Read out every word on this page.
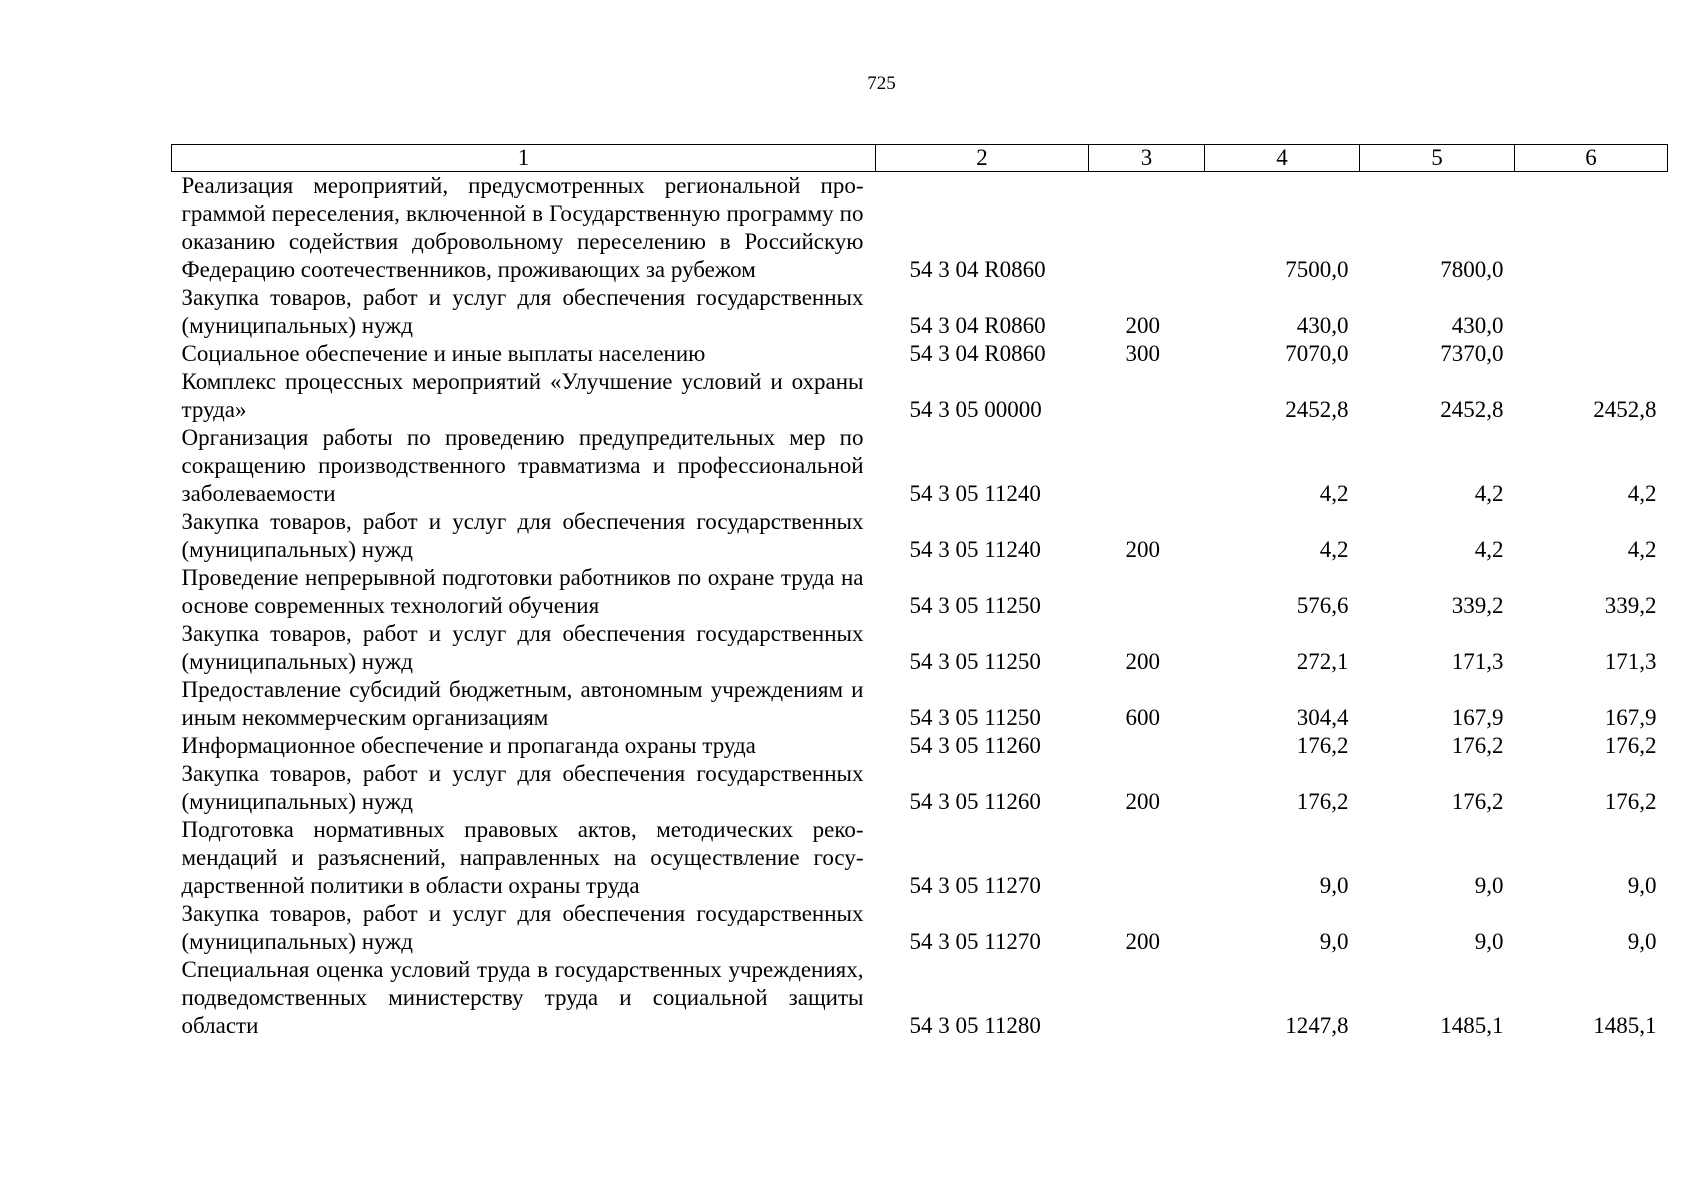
725
1	2	3	4	5	6
Реализация мероприятий, предусмотренных региональной программой переселения, включенной в Государственную программу по оказанию содействия добровольному переселению в Российскую Федерацию соотечественников, проживающих за рубежом	54 3 04 R0860		7500,0	7800,0	
Закупка товаров, работ и услуг для обеспечения государственных (муниципальных) нужд	54 3 04 R0860	200	430,0	430,0	
Социальное обеспечение и иные выплаты населению	54 3 04 R0860	300	7070,0	7370,0	
Комплекс процессных мероприятий «Улучшение условий и охраны труда»	54 3 05 00000		2452,8	2452,8	2452,8
Организация работы по проведению предупредительных мер по сокращению производственного травматизма и профессиональной заболеваемости	54 3 05 11240		4,2	4,2	4,2
Закупка товаров, работ и услуг для обеспечения государственных (муниципальных) нужд	54 3 05 11240	200	4,2	4,2	4,2
Проведение непрерывной подготовки работников по охране труда на основе современных технологий обучения	54 3 05 11250		576,6	339,2	339,2
Закупка товаров, работ и услуг для обеспечения государственных (муниципальных) нужд	54 3 05 11250	200	272,1	171,3	171,3
Предоставление субсидий бюджетным, автономным учреждениям и иным некоммерческим организациям	54 3 05 11250	600	304,4	167,9	167,9
Информационное обеспечение и пропаганда охраны труда	54 3 05 11260		176,2	176,2	176,2
Закупка товаров, работ и услуг для обеспечения государственных (муниципальных) нужд	54 3 05 11260	200	176,2	176,2	176,2
Подготовка нормативных правовых актов, методических рекомендаций и разъяснений, направленных на осуществление государственной политики в области охраны труда	54 3 05 11270		9,0	9,0	9,0
Закупка товаров, работ и услуг для обеспечения государственных (муниципальных) нужд	54 3 05 11270	200	9,0	9,0	9,0
Специальная оценка условий труда в государственных учреждениях, подведомственных министерству труда и социальной защиты области	54 3 05 11280		1247,8	1485,1	1485,1
